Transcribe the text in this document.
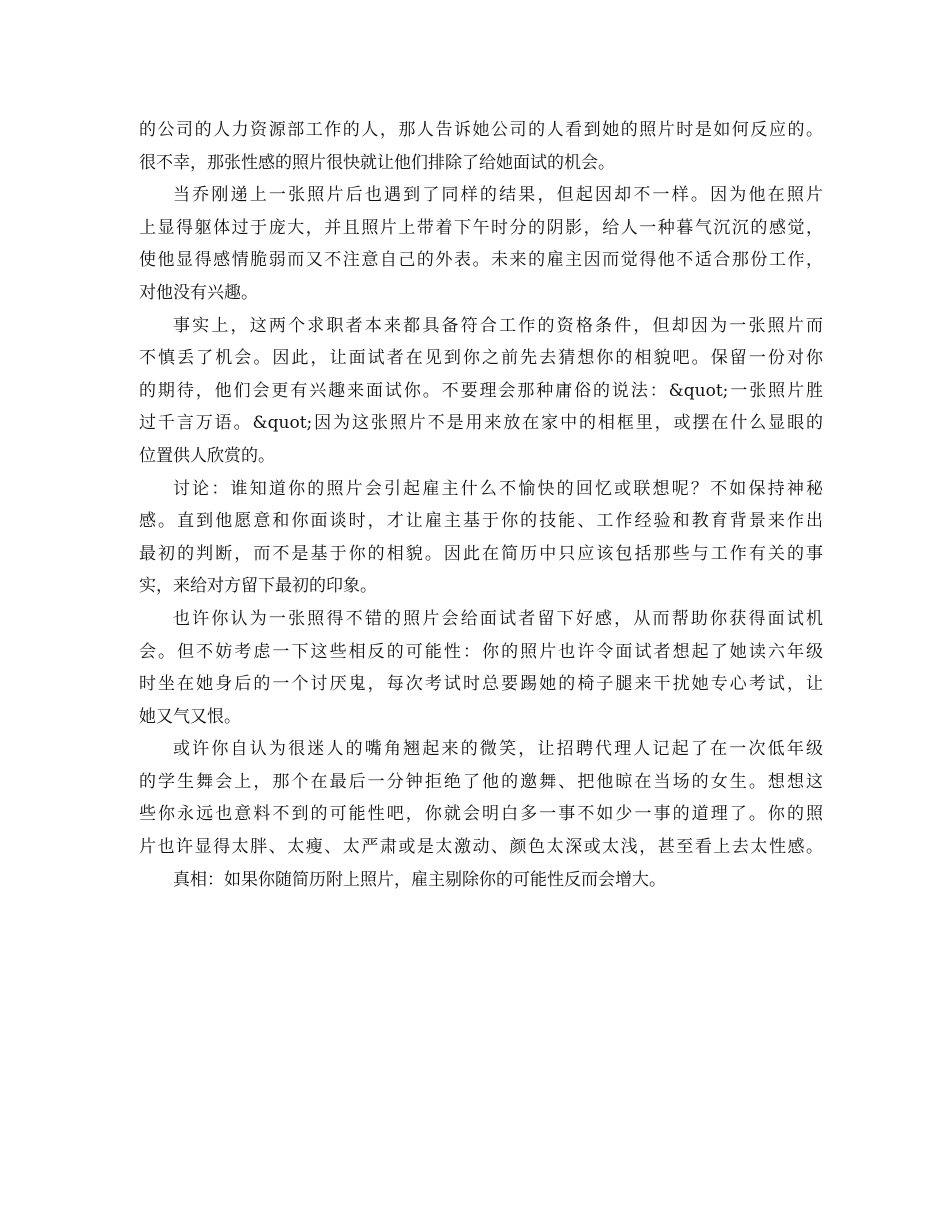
的公司的人力资源部工作的人，那人告诉她公司的人看到她的照片时是如何反应的。
很不幸，那张性感的照片很快就让他们排除了给她面试的机会。
当乔刚递上一张照片后也遇到了同样的结果，但起因却不一样。因为他在照片
上显得躯体过于庞大，并且照片上带着下午时分的阴影，给人一种暮气沉沉的感觉，
使他显得感情脆弱而又不注意自己的外表。未来的雇主因而觉得他不适合那份工作，
对他没有兴趣。
事实上，这两个求职者本来都具备符合工作的资格条件，但却因为一张照片而
不慎丢了机会。因此，让面试者在见到你之前先去猜想你的相貌吧。保留一份对你
的期待，他们会更有兴趣来面试你。不要理会那种庸俗的说法：&quot;一张照片胜
过千言万语。&quot;因为这张照片不是用来放在家中的相框里，或摆在什么显眼的
位置供人欣赏的。
讨论：谁知道你的照片会引起雇主什么不愉快的回忆或联想呢？不如保持神秘
感。直到他愿意和你面谈时，才让雇主基于你的技能、工作经验和教育背景来作出
最初的判断，而不是基于你的相貌。因此在简历中只应该包括那些与工作有关的事
实，来给对方留下最初的印象。
也许你认为一张照得不错的照片会给面试者留下好感，从而帮助你获得面试机
会。但不妨考虑一下这些相反的可能性：你的照片也许令面试者想起了她读六年级
时坐在她身后的一个讨厌鬼，每次考试时总要踢她的椅子腿来干扰她专心考试，让
她又气又恨。
或许你自认为很迷人的嘴角翘起来的微笑，让招聘代理人记起了在一次低年级
的学生舞会上，那个在最后一分钟拒绝了他的邀舞、把他晾在当场的女生。想想这
些你永远也意料不到的可能性吧，你就会明白多一事不如少一事的道理了。你的照
片也许显得太胖、太瘦、太严肃或是太激动、颜色太深或太浅，甚至看上去太性感。
真相：如果你随简历附上照片，雇主剔除你的可能性反而会增大。
